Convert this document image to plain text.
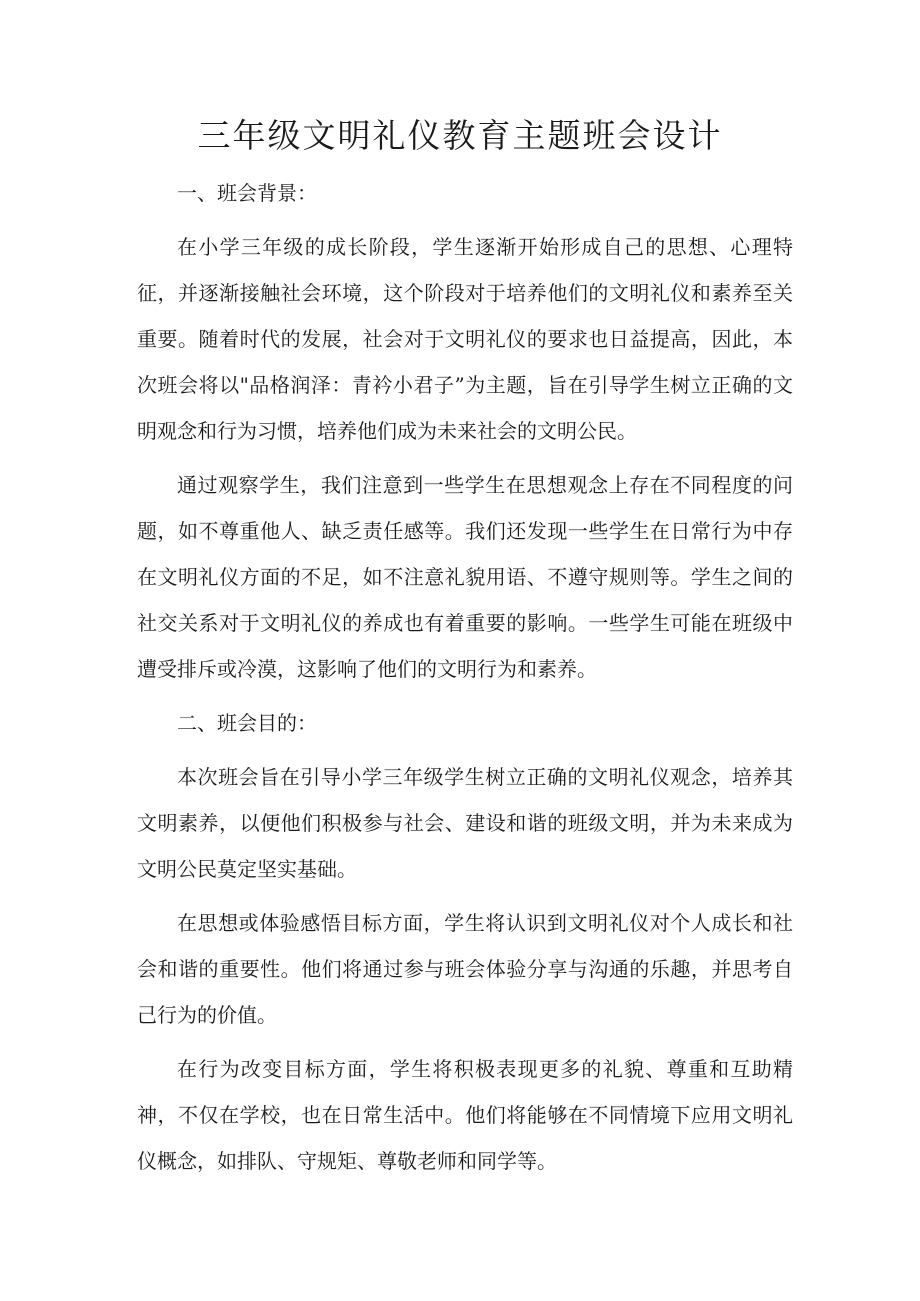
三年级文明礼仪教育主题班会设计

一、班会背景：

在小学三年级的成长阶段，学生逐渐开始形成自己的思想、心理特征，并逐渐接触社会环境，这个阶段对于培养他们的文明礼仪和素养至关重要。随着时代的发展，社会对于文明礼仪的要求也日益提高，因此，本次班会将以"品格润泽：青衿小君子”为主题，旨在引导学生树立正确的文明观念和行为习惯，培养他们成为未来社会的文明公民。

通过观察学生，我们注意到一些学生在思想观念上存在不同程度的问题，如不尊重他人、缺乏责任感等。我们还发现一些学生在日常行为中存在文明礼仪方面的不足，如不注意礼貌用语、不遵守规则等。学生之间的社交关系对于文明礼仪的养成也有着重要的影响。一些学生可能在班级中遭受排斥或冷漠，这影响了他们的文明行为和素养。

二、班会目的：

本次班会旨在引导小学三年级学生树立正确的文明礼仪观念，培养其文明素养，以便他们积极参与社会、建设和谐的班级文明，并为未来成为文明公民莫定坚实基础。

在思想或体验感悟目标方面，学生将认识到文明礼仪对个人成长和社会和谐的重要性。他们将通过参与班会体验分享与沟通的乐趣，并思考自己行为的价值。

在行为改变目标方面，学生将积极表现更多的礼貌、尊重和互助精神，不仅在学校，也在日常生活中。他们将能够在不同情境下应用文明礼仪概念，如排队、守规矩、尊敬老师和同学等。
